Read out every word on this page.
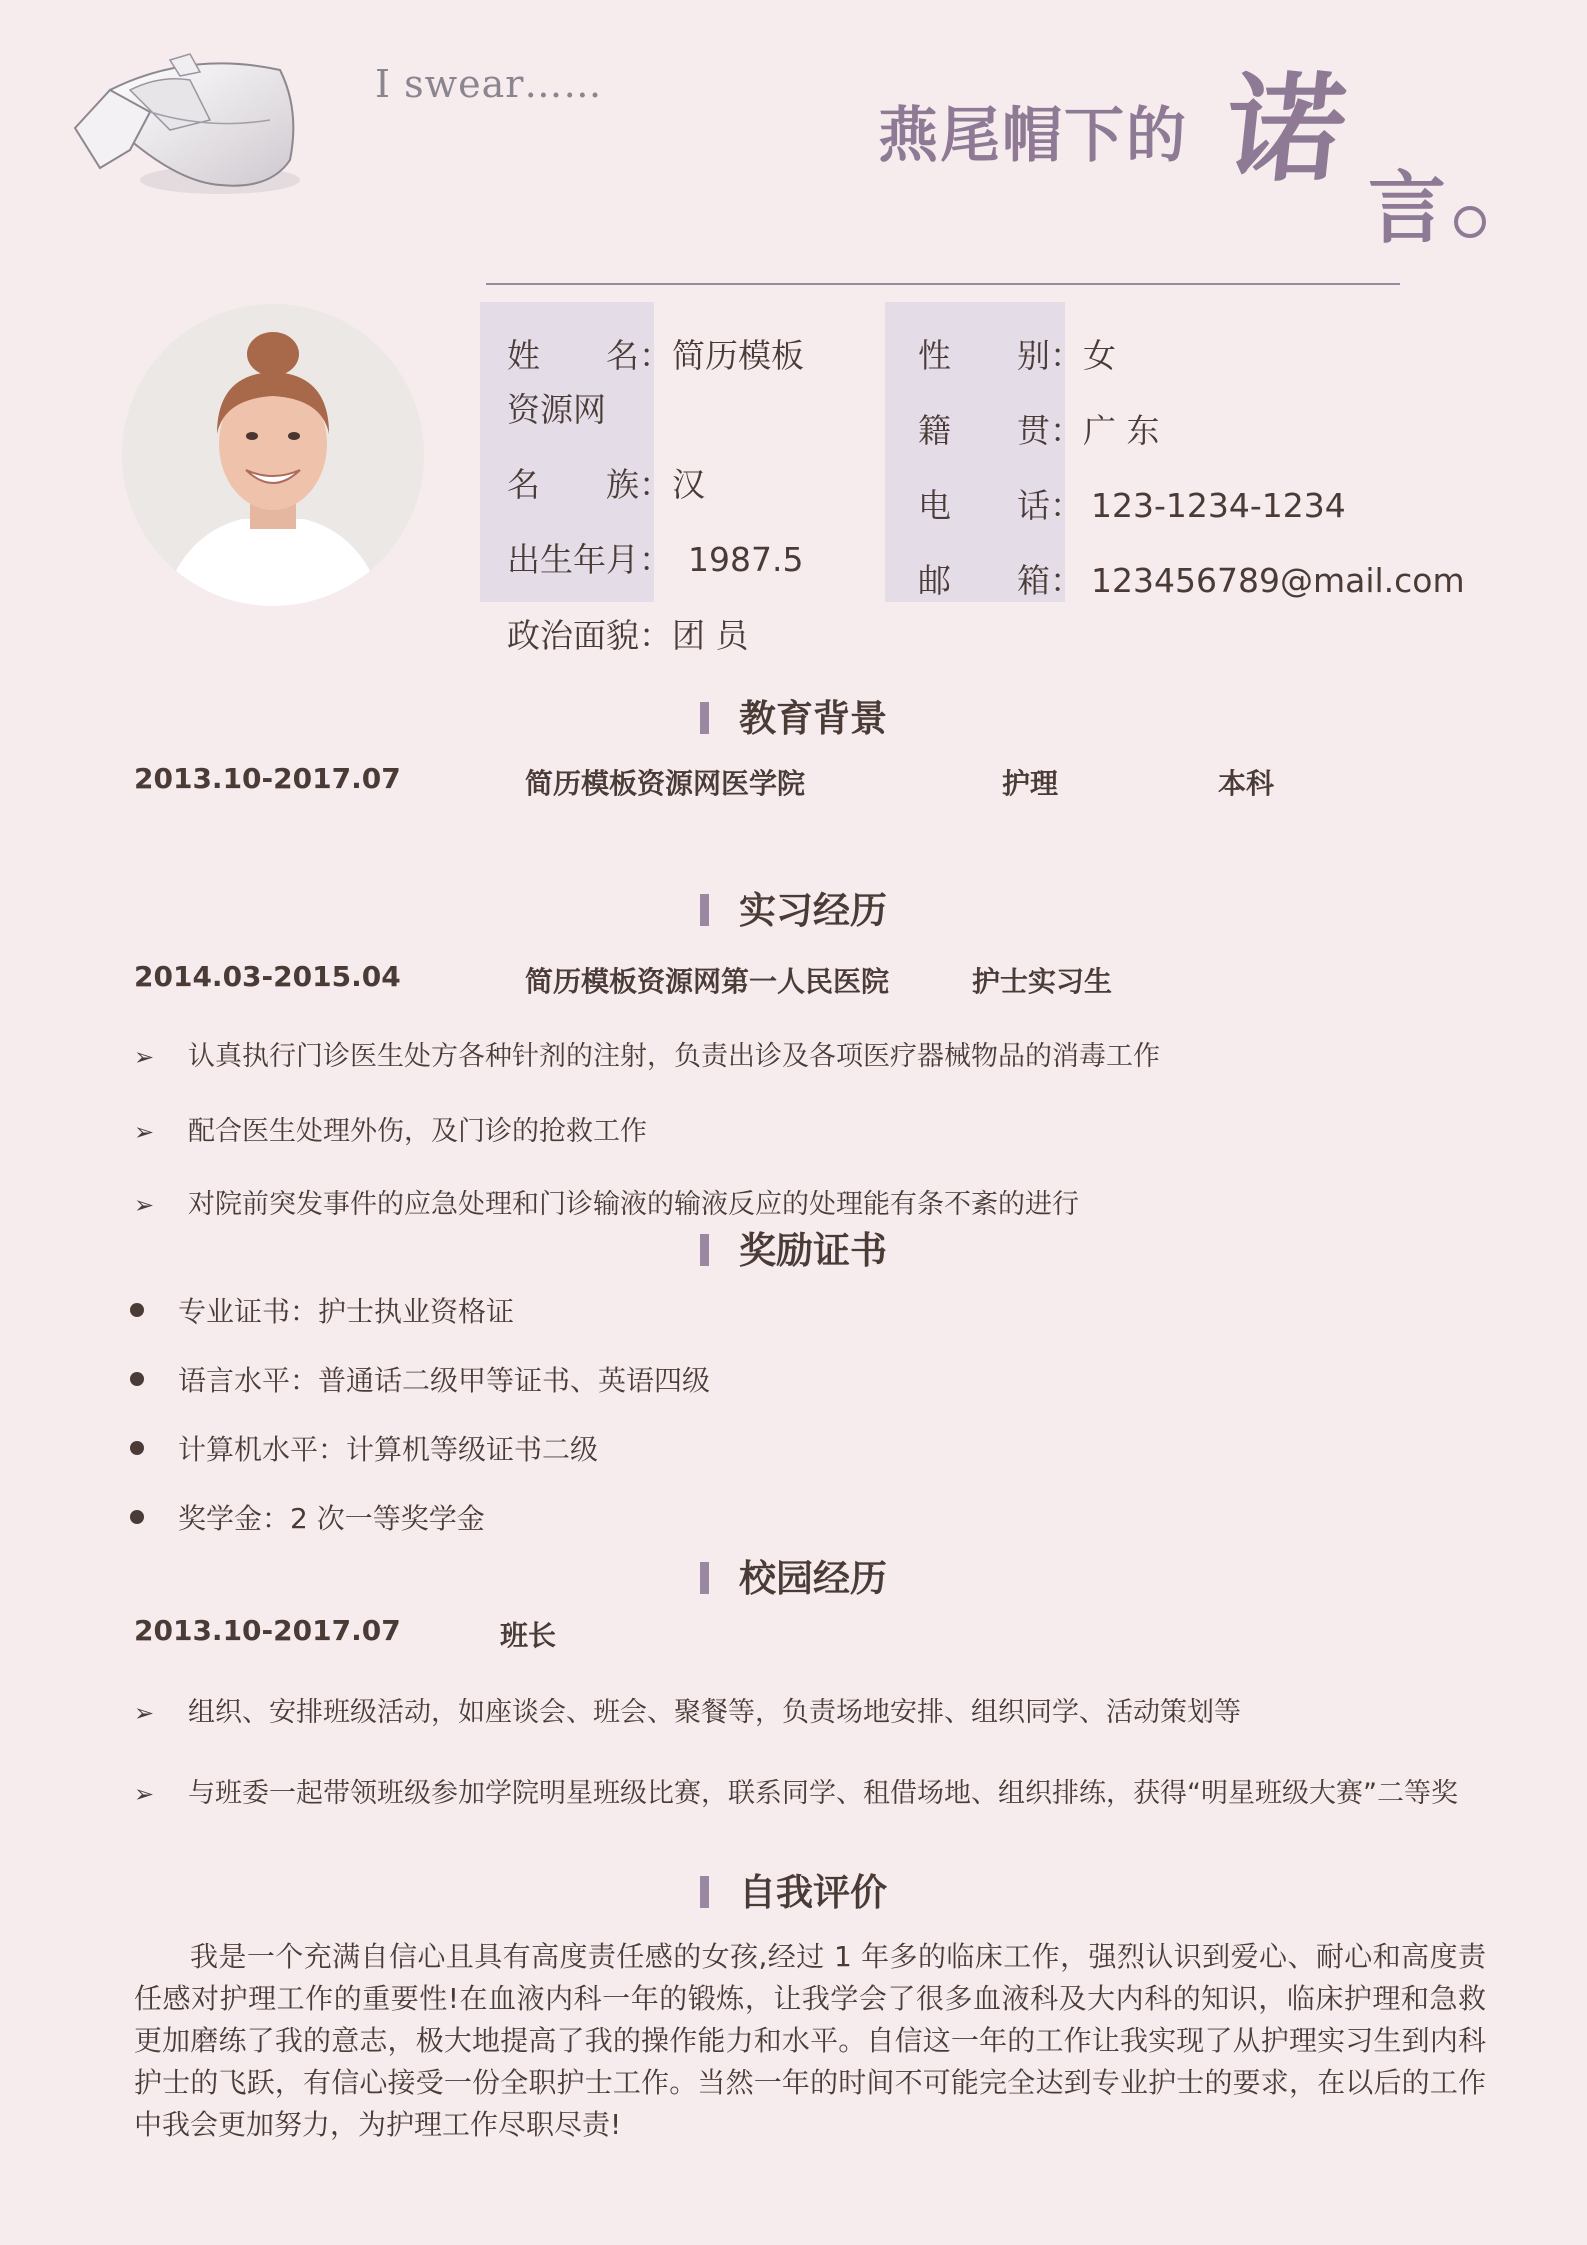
I swear……
燕尾帽下的 诺
言
姓　　名：简历模板
资源网
名　　族：汉
出生年月： 1987.5
政治面貌：团 员
性　　别：女
籍　　贯：广 东
电　　话： 123-1234-1234
邮　　箱： 123456789@mail.com
教育背景
2013.10-2017.07	简历模板资源网医学院	护理	本科
实习经历
2014.03-2015.04	简历模板资源网第一人民医院	护士实习生
➢ 认真执行门诊医生处方各种针剂的注射，负责出诊及各项医疗器械物品的消毒工作
➢ 配合医生处理外伤，及门诊的抢救工作
➢ 对院前突发事件的应急处理和门诊输液的输液反应的处理能有条不紊的进行
奖励证书
专业证书：护士执业资格证
语言水平：普通话二级甲等证书、英语四级
计算机水平：计算机等级证书二级
奖学金：2 次一等奖学金
校园经历
2013.10-2017.07	班长
➢ 组织、安排班级活动，如座谈会、班会、聚餐等，负责场地安排、组织同学、活动策划等
➢	与班委一起带领班级参加学院明星班级比赛，联系同学、租借场地、组织排练，获得“明星班级大赛”二等奖
自我评价
我是一个充满自信心且具有高度责任感的女孩,经过 1 年多的临床工作，强烈认识到爱心、耐心和高度责任感对护理工作的重要性!在血液内科一年的锻炼，让我学会了很多血液科及大内科的知识，临床护理和急救更加磨练了我的意志，极大地提高了我的操作能力和水平。自信这一年的工作让我实现了从护理实习生到内科护士的飞跃，有信心接受一份全职护士工作。当然一年的时间不可能完全达到专业护士的要求，在以后的工作中我会更加努力，为护理工作尽职尽责!
